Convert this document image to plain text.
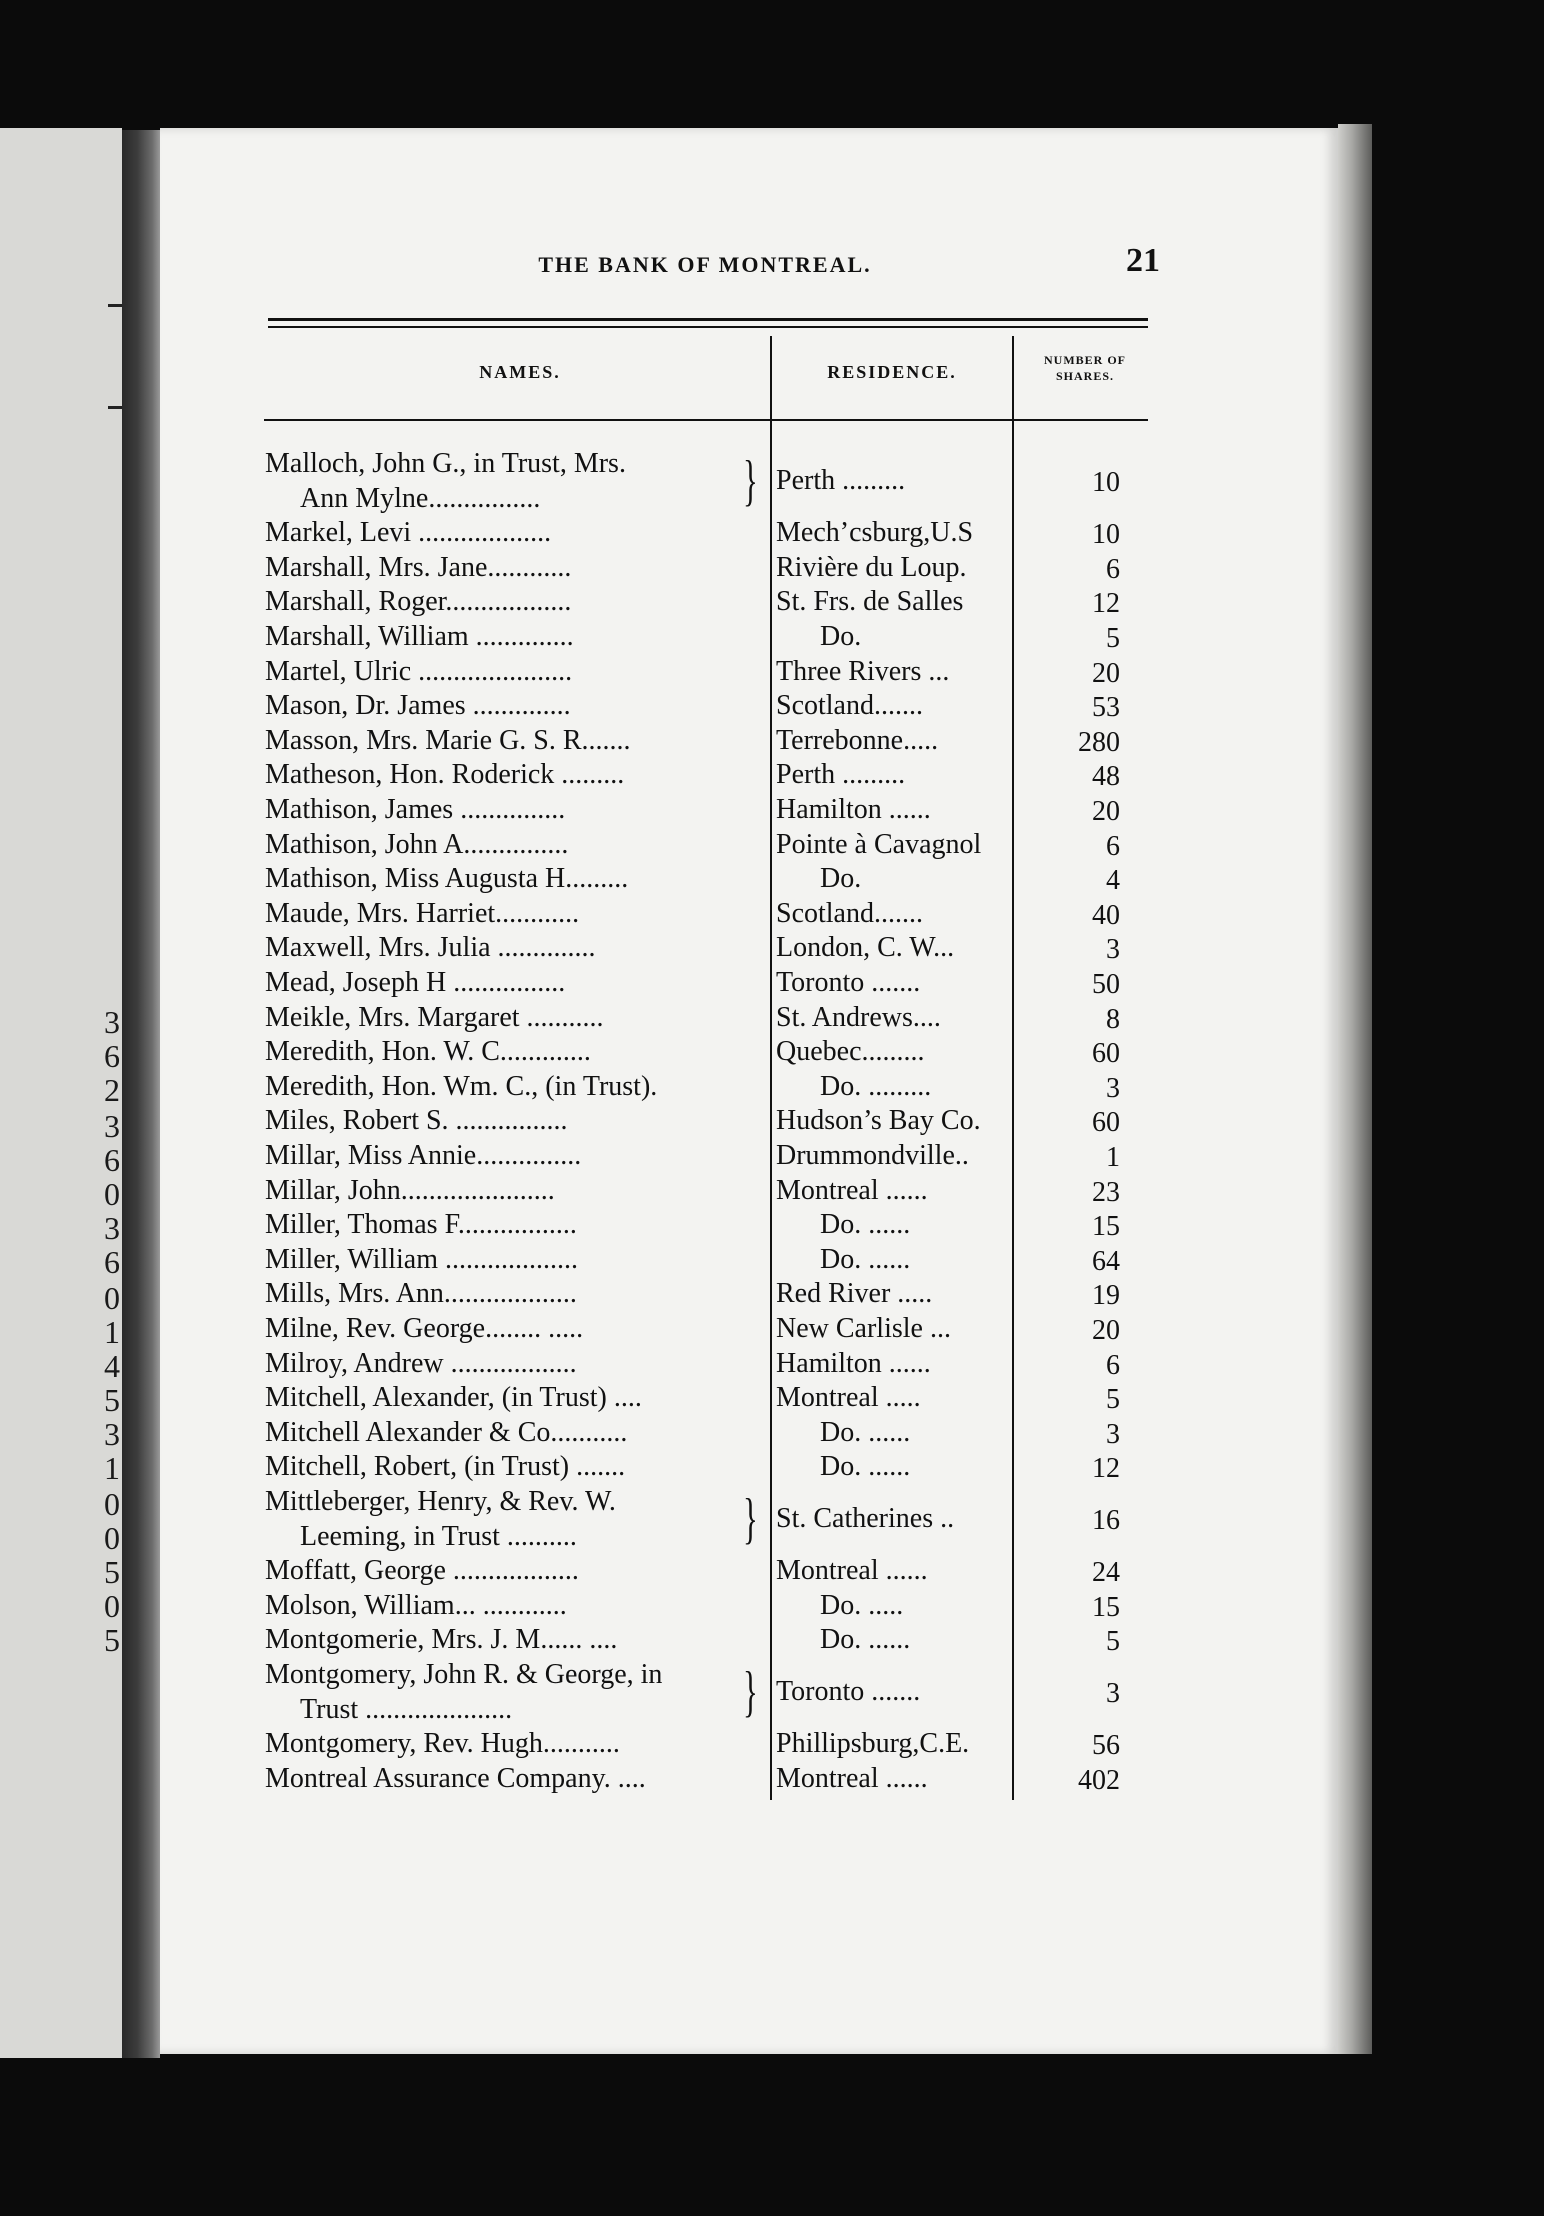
3
6
2
3
6
0
3
6
0
1
4
5
3
1
0
0
5
0
5
THE BANK OF MONTREAL.	21
NAMES.	RESIDENCE.
NUMBER OF
SHARES.
Malloch, John G., in Trust, Mrs.
Ann Mylne................	} Perth .........	10
Markel, Levi ...................	Mech’csburg,U.S	10
Marshall, Mrs. Jane............	Rivière du Loup.	6
Marshall, Roger..................	St. Frs. de Salles	12
Marshall, William ..............	Do.	5
Martel, Ulric ......................	Three Rivers ...	20
Mason, Dr. James ..............	Scotland.......	53
Masson, Mrs. Marie G. S. R.......	Terrebonne.....	280
Matheson, Hon. Roderick .........	Perth .........	48
Mathison, James ...............	Hamilton ......	20
Mathison, John A...............	Pointe à Cavagnol	6
Mathison, Miss Augusta H.........	Do.	4
Maude, Mrs. Harriet............	Scotland.......	40
Maxwell, Mrs. Julia ..............	London, C. W...	3
Mead, Joseph H ................	Toronto .......	50
Meikle, Mrs. Margaret ...........	St. Andrews....	8
Meredith, Hon. W. C.............	Quebec.........	60
Meredith, Hon. Wm. C., (in Trust).	Do. .........	3
Miles, Robert S. ................	Hudson’s Bay Co.	60
Millar, Miss Annie...............	Drummondville..	1
Millar, John......................	Montreal ......	23
Miller, Thomas F.................	Do. ......	15
Miller, William ...................	Do. ......	64
Mills, Mrs. Ann...................	Red River .....	19
Milne, Rev. George........ .....	New Carlisle ...	20
Milroy, Andrew ..................	Hamilton ......	6
Mitchell, Alexander, (in Trust) ....	Montreal .....	5
Mitchell Alexander & Co...........	Do. ......	3
Mitchell, Robert, (in Trust) .......	Do. ......	12
Mittleberger, Henry, & Rev. W.
Leeming, in Trust ..........	} St. Catherines ..	16
Moffatt, George ..................	Montreal ......	24
Molson, William... ............	Do. .....	15
Montgomerie, Mrs. J. M...... ....	Do. ......	5
Montgomery, John R. & George, in
Trust .....................	} Toronto .......	3
Montgomery, Rev. Hugh...........	Phillipsburg,C.E.	56
Montreal Assurance Company. ....	Montreal ......	402
